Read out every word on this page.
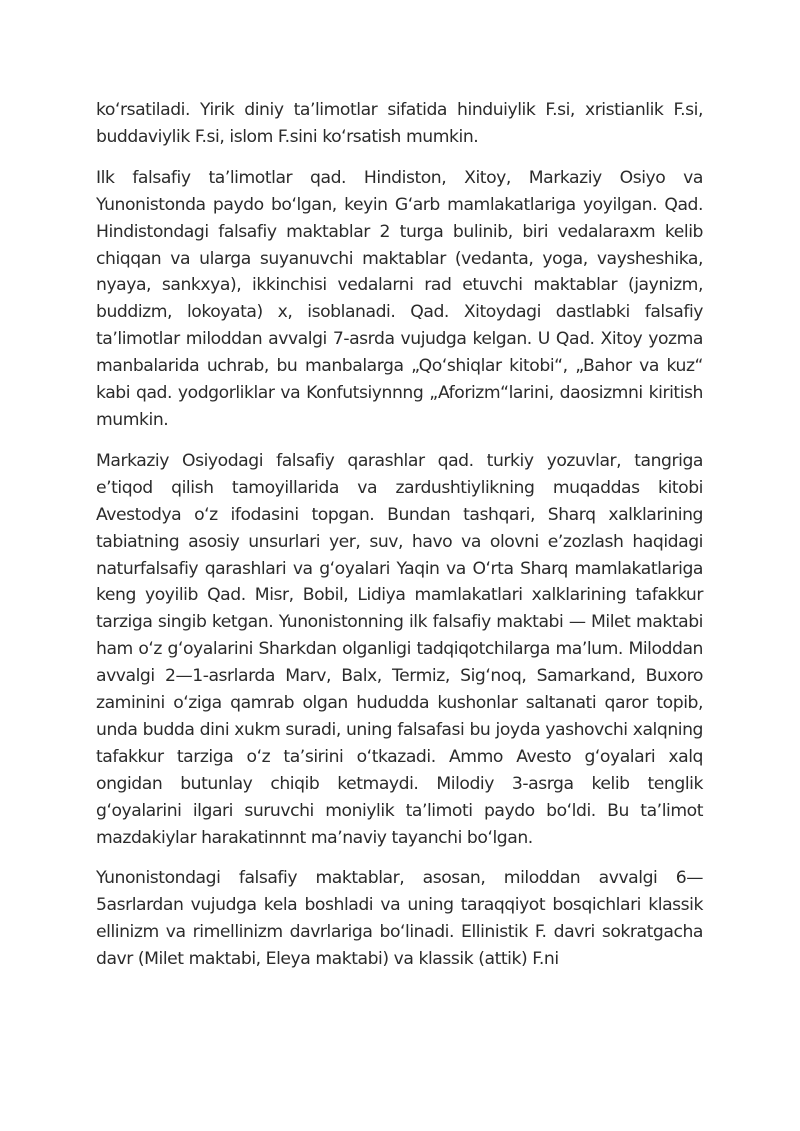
koʻrsatiladi. Yirik diniy taʼlimotlar sifatida hinduiylik F.si, xristianlik F.si, buddaviylik F.si, islom F.sini koʻrsatish mumkin.

Ilk falsafiy taʼlimotlar qad. Hindiston, Xitoy, Markaziy Osiyo va Yunonistonda paydo boʻlgan, keyin Gʻarb mamlakatlariga yoyilgan. Qad. Hindistondagi falsafiy maktablar 2 turga bulinib, biri vedalaraxm kelib chiqqan va ularga suyanuvchi maktablar (vedanta, yoga, vaysheshika, nyaya, sankxya), ikkinchisi vedalarni rad etuvchi maktablar (jaynizm, buddizm, lokoyata) x, isoblanadi. Qad. Xitoydagi dastlabki falsafiy taʼlimotlar miloddan avvalgi 7-asrda vujudga kelgan. U Qad. Xitoy yozma manbalarida uchrab, bu manbalarga „Qoʻshiqlar kitobi“, „Bahor va kuz“ kabi qad. yodgorliklar va Konfutsiynnng „Aforizm“larini, daosizmni kiritish mumkin.

Markaziy Osiyodagi falsafiy qarashlar qad. turkiy yozuvlar, tangriga eʼtiqod qilish tamoyillarida va zardushtiylikning muqaddas kitobi Avestodya oʻz ifodasini topgan. Bundan tashqari, Sharq xalklarining tabiatning asosiy unsurlari yer, suv, havo va olovni eʼzozlash haqidagi naturfalsafiy qarashlari va gʻoyalari Yaqin va Oʻrta Sharq mamlakatlariga keng yoyilib Qad. Misr, Bobil, Lidiya mamlakatlari xalklarining tafakkur tarziga singib ketgan. Yunonistonning ilk falsafiy maktabi — Milet maktabi ham oʻz gʻoyalarini Sharkdan olganligi tadqiqotchilarga maʼlum. Miloddan avvalgi 2—1-asrlarda Marv, Balx, Termiz, Sigʻnoq, Samarkand, Buxoro zaminini oʻziga qamrab olgan hududda kushonlar saltanati qaror topib, unda budda dini xukm suradi, uning falsafasi bu joyda yashovchi xalqning tafakkur tarziga oʻz taʼsirini oʻtkazadi. Ammo Avesto gʻoyalari xalq ongidan butunlay chiqib ketmaydi. Milodiy 3-asrga kelib tenglik gʻoyalarini ilgari suruvchi moniylik taʼlimoti paydo boʻldi. Bu taʼlimot mazdakiylar harakatinnnt maʼnaviy tayanchi boʻlgan.

Yunonistondagi falsafiy maktablar, asosan, miloddan avvalgi 6—5asrlardan vujudga kela boshladi va uning taraqqiyot bosqichlari klassik ellinizm va rimellinizm davrlariga boʻlinadi. Ellinistik F. davri sokratgacha davr (Milet maktabi, Eleya maktabi) va klassik (attik) F.ni
